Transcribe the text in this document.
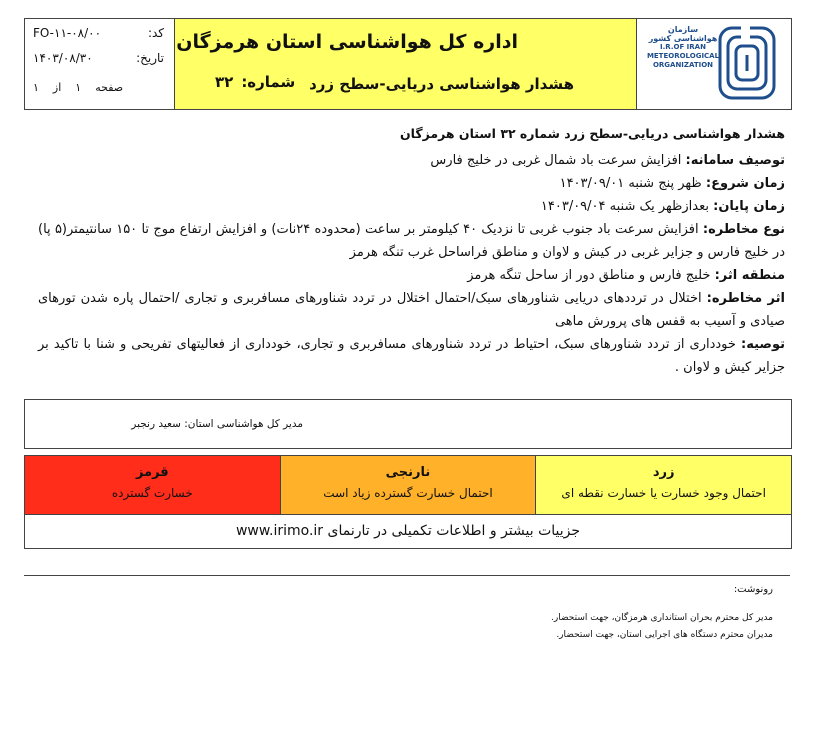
FO-۱۱-۰۸/۰۰	کد:
۱۴۰۳/۰۸/۳۰	تاریخ:
صفحه
۱
از
۱
اداره کل هواشناسی استان هرمزگان
هشدار هواشناسی دریایی-سطح زرد
شماره:
۳۲
سازمان هواشناسی کشور
I.R.OF IRAN
METEOROLOGICAL
ORGANIZATION

هشدار هواشناسی دریایی-سطح زرد شماره ۳۲ استان هرمزگان

توصیف سامانه: افزایش سرعت باد شمال غربی در خلیج فارس

زمان شروع: ظهر پنج شنبه ۱۴۰۳/۰۹/۰۱

زمان پایان: بعدازظهر یک شنبه ۱۴۰۳/۰۹/۰۴

نوع مخاطره: افزایش سرعت باد جنوب غربی تا نزدیک ۴۰ کیلومتر بر ساعت (محدوده ۲۴نات) و افزایش ارتفاع موج تا ۱۵۰ سانتیمتر(۵ پا) در خلیج فارس و جزایر غربی در کیش و لاوان و مناطق فراساحل غرب تنگه هرمز

منطقه اثر: خلیج فارس و مناطق دور از ساحل تنگه هرمز

اثر مخاطره: اختلال در ترددهای دریایی شناورهای سبک/احتمال اختلال در تردد شناورهای مسافربری و تجاری /احتمال پاره شدن تورهای صیادی و آسیب به قفس های پرورش ماهی

توصیه: خودداری از تردد شناورهای سبک، احتیاط در تردد شناورهای مسافربری و تجاری، خودداری از فعالیتهای تفریحی و شنا با تاکید بر جزایر کیش و لاوان .

مدیر کل هواشناسی استان: سعید رنجبر
زرد
احتمال وجود خسارت یا خسارت نقطه ای
نارنجی
احتمال خسارت گسترده زیاد است
قرمز
خسارت گسترده
جزییات بیشتر و اطلاعات تکمیلی در تارنمای www.irimo.ir
رونوشت:
مدیر کل محترم بحران استانداری هرمزگان، جهت استحضار.
مدیران محترم دستگاه های اجرایی استان، جهت استحضار.
